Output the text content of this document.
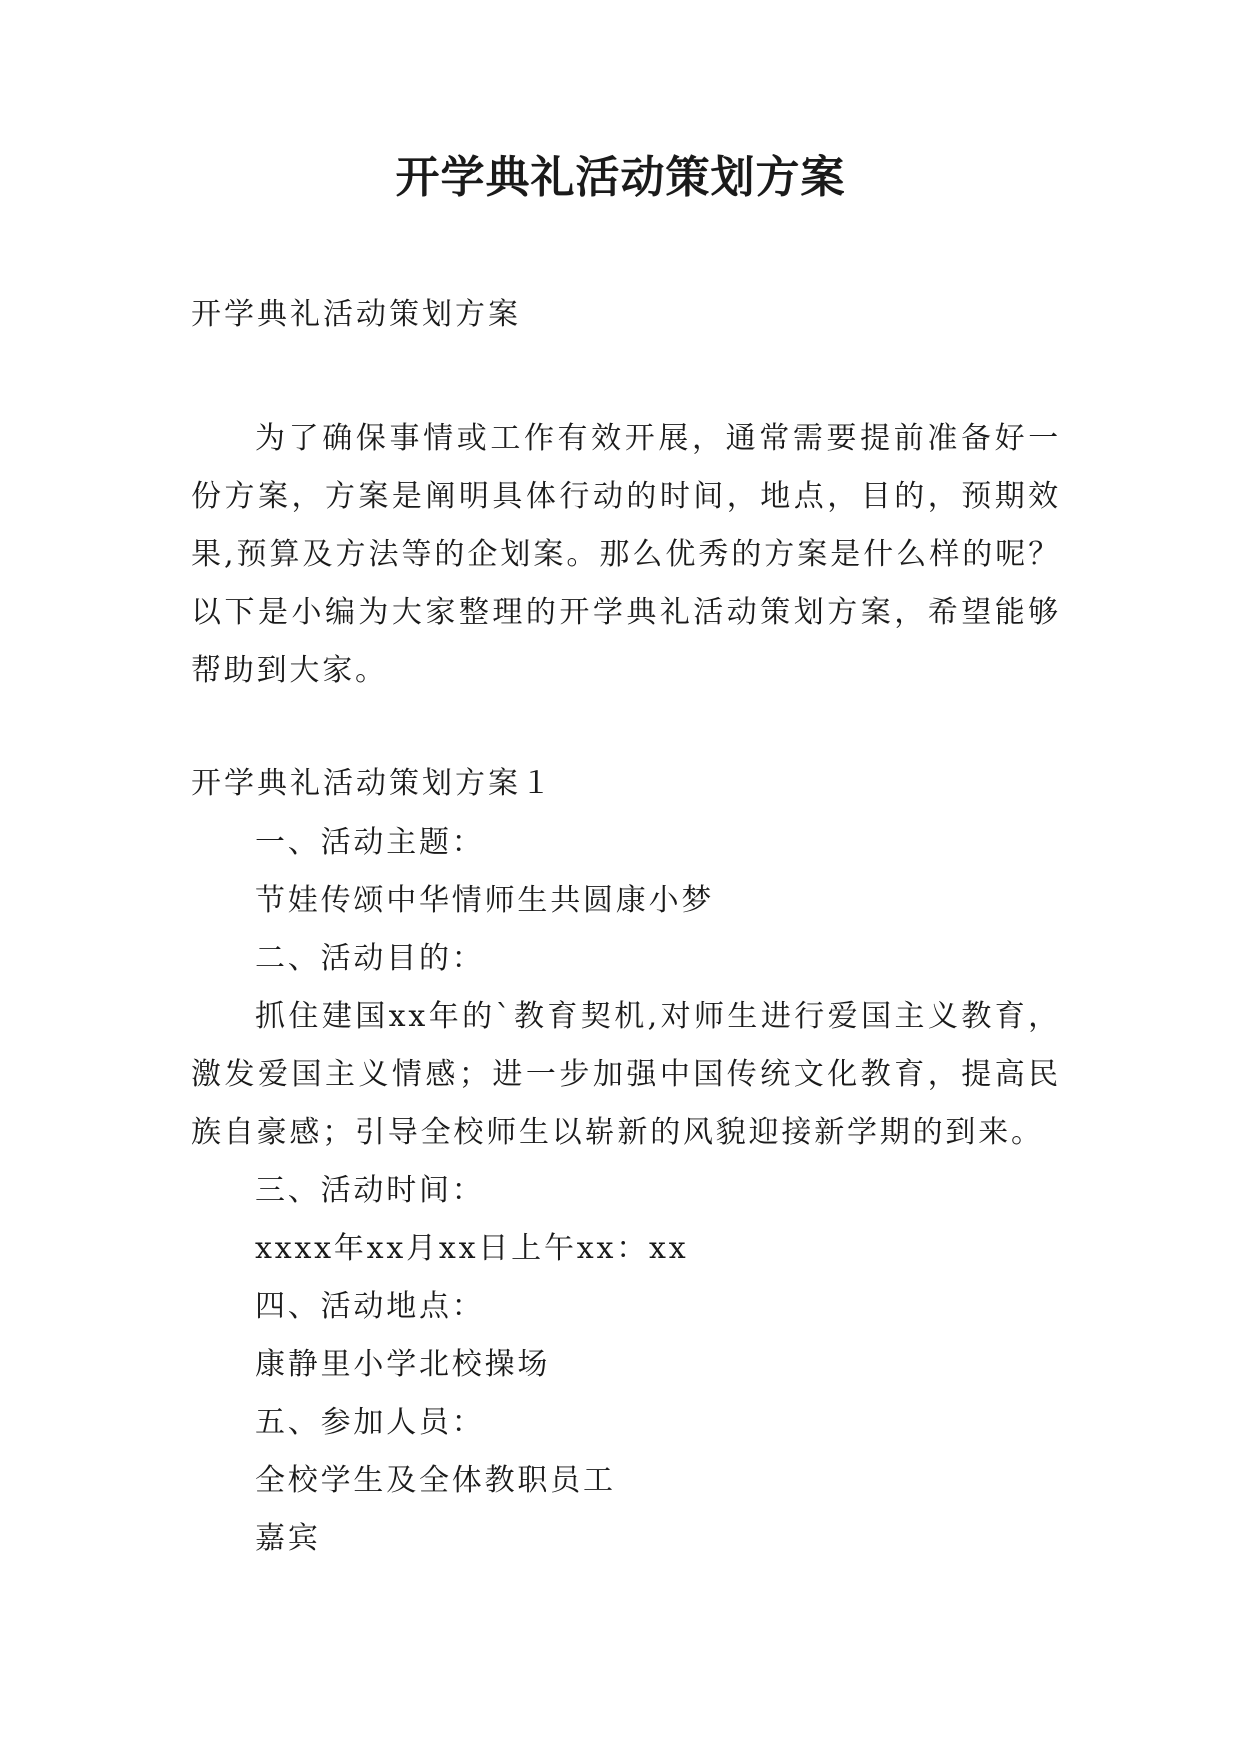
开学典礼活动策划方案

开学典礼活动策划方案

为了确保事情或工作有效开展，通常需要提前准备好一份方案，方案是阐明具体行动的时间，地点，目的，预期效果,预算及方法等的企划案。那么优秀的方案是什么样的呢？以下是小编为大家整理的开学典礼活动策划方案，希望能够帮助到大家。

开学典礼活动策划方案１

一、活动主题：

节娃传颂中华情师生共圆康小梦

二、活动目的：

抓住建国xx年的`教育契机,对师生进行爱国主义教育，激发爱国主义情感；进一步加强中国传统文化教育，提高民族自豪感；引导全校师生以崭新的风貌迎接新学期的到来。

三、活动时间：

xxxx年xx月xx日上午xx：xx

四、活动地点：

康静里小学北校操场

五、参加人员：

全校学生及全体教职员工

嘉宾
